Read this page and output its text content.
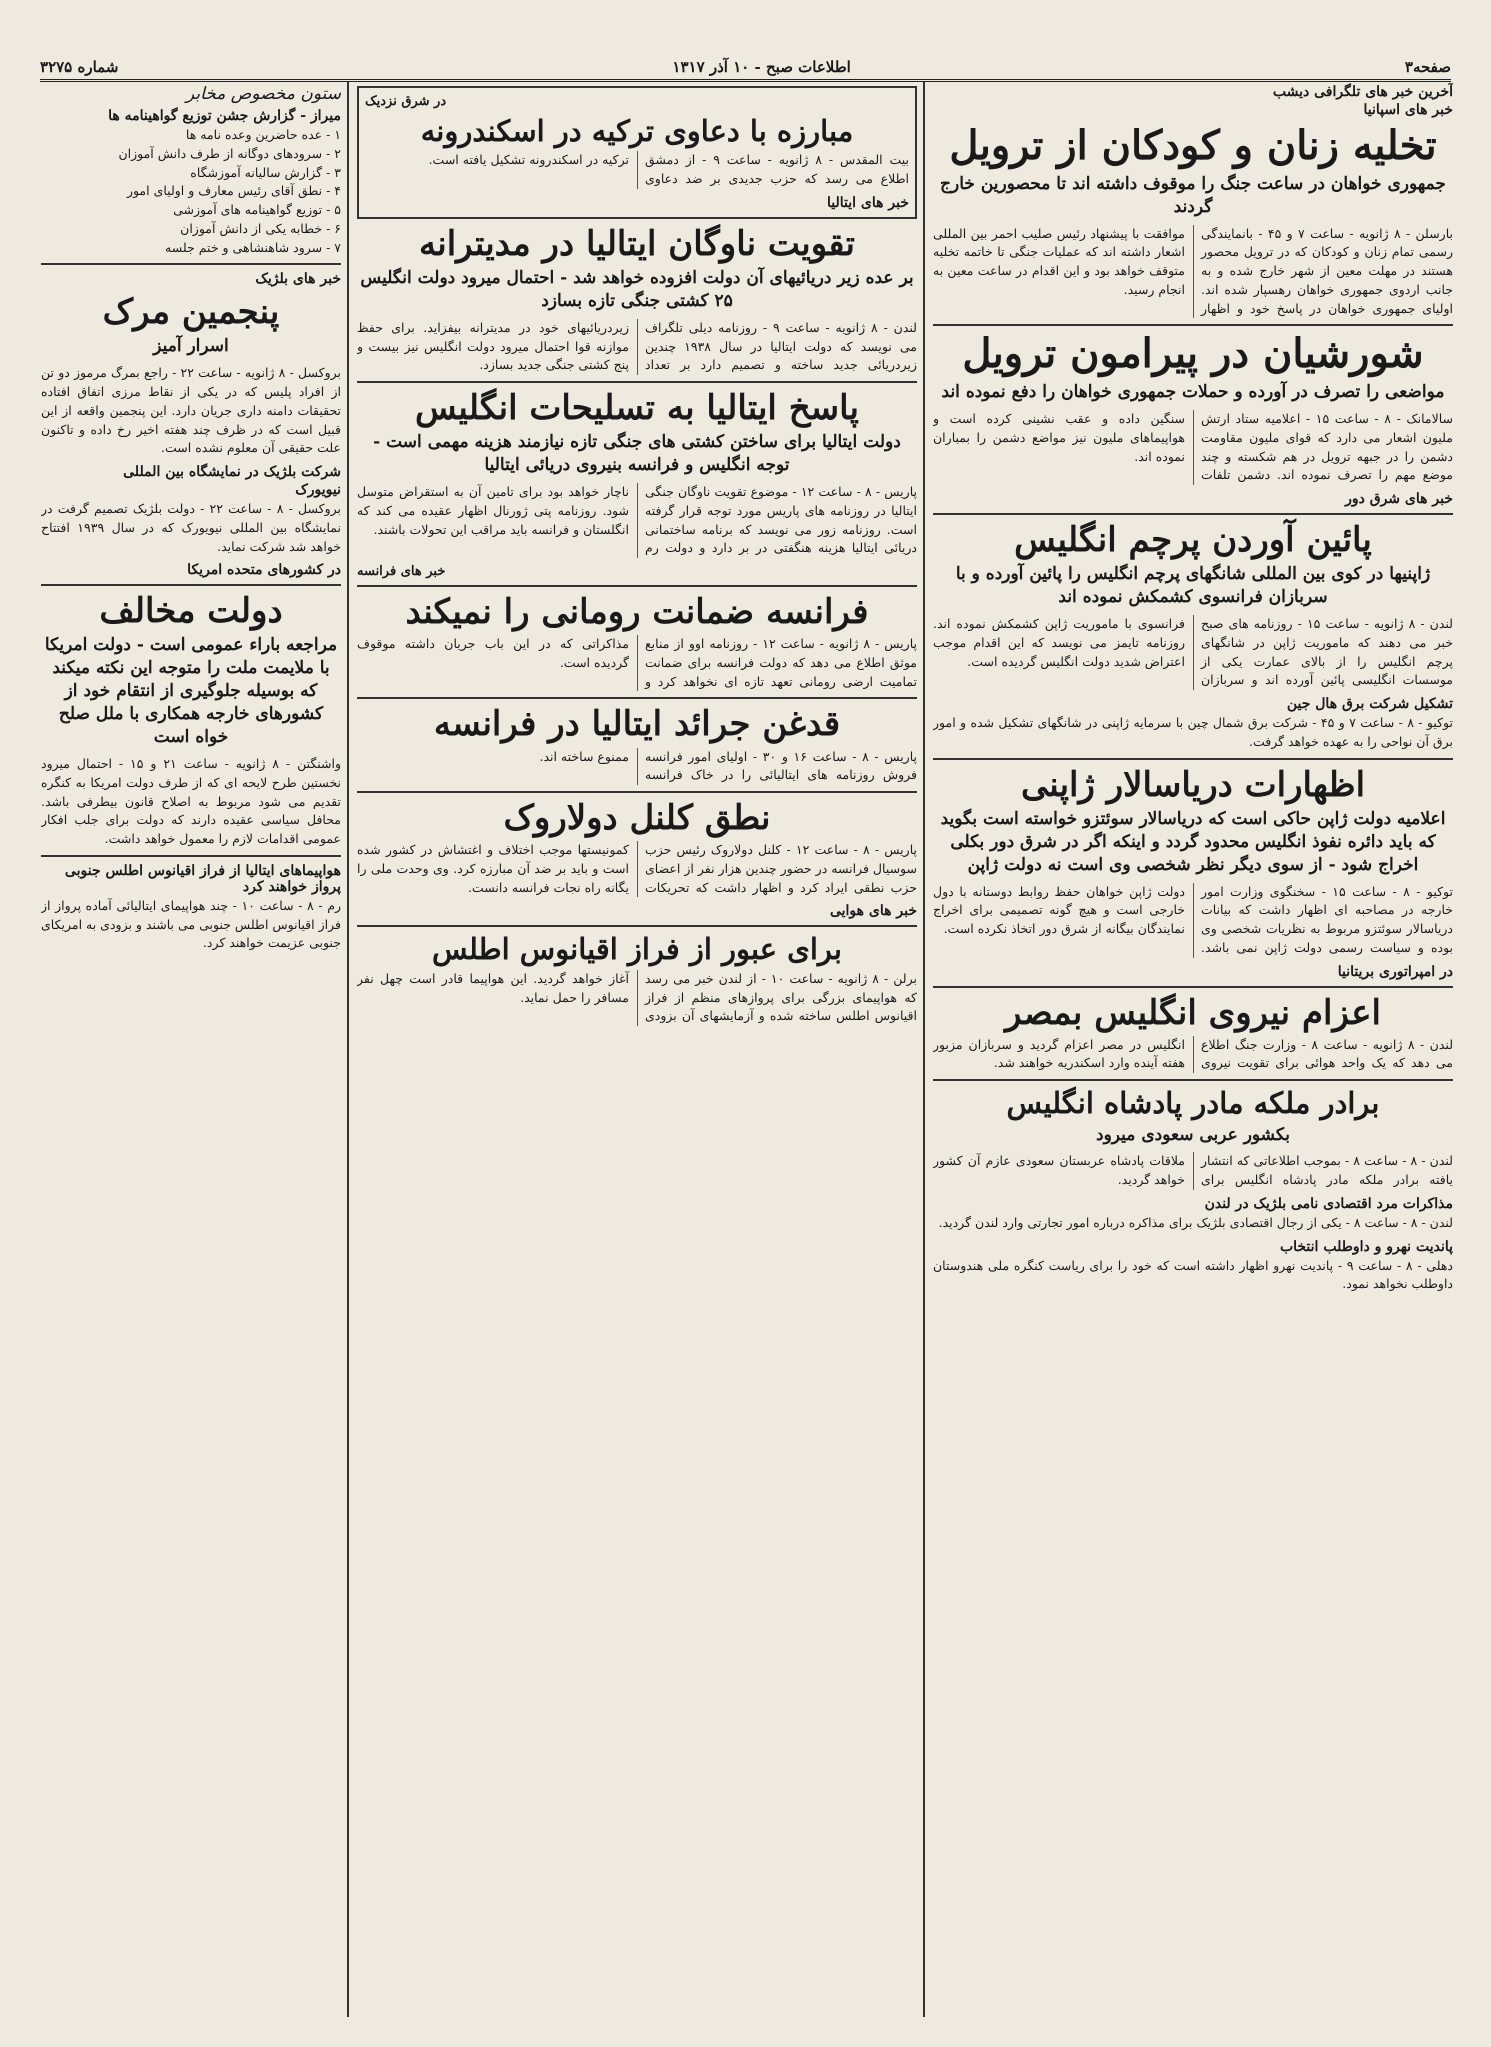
صفحه۳
اطلاعات صبح - ۱۰ آذر ۱۳۱۷
شماره ۳۲۷۵
آخرین خبر های تلگرافی دیشب
خبر های اسپانیا
تخلیه زنان و کودکان از ترویل
جمهوری خواهان در ساعت جنگ را موقوف داشته اند تا محصورین خارج گردند
بارسلن - ۸ ژانویه - ساعت ۷ و ۴۵ - بانمایندگی رسمی تمام زنان و کودکان که در ترویل محصور هستند در مهلت معین از شهر خارج شده و به جانب اردوی جمهوری خواهان رهسپار شده اند. اولیای جمهوری خواهان در پاسخ خود و اظهار موافقت با پیشنهاد رئیس صلیب احمر بین المللی اشعار داشته اند که عملیات جنگی تا خاتمه تخلیه متوقف خواهد بود و این اقدام در ساعت معین به انجام رسید.
شورشیان در پیرامون ترویل
مواضعی را تصرف در آورده و حملات جمهوری خواهان را دفع نموده اند
سالامانک - ۸ - ساعت ۱۵ - اعلامیه ستاد ارتش ملیون اشعار می دارد که قوای ملیون مقاومت دشمن را در جبهه ترویل در هم شکسته و چند موضع مهم را تصرف نموده اند. دشمن تلفات سنگین داده و عقب نشینی کرده است و هواپیماهای ملیون نیز مواضع دشمن را بمباران نموده اند.
خبر های شرق دور
پائین آوردن پرچم انگلیس
ژاپنیها در کوی بین المللی شانگهای پرچم انگلیس را پائین آورده و با سربازان فرانسوی کشمکش نموده اند
لندن - ۸ ژانویه - ساعت ۱۵ - روزنامه های صبح خبر می دهند که ماموریت ژاپن در شانگهای پرچم انگلیس را از بالای عمارت یکی از موسسات انگلیسی پائین آورده اند و سربازان فرانسوی با ماموریت ژاپن کشمکش نموده اند. روزنامه تایمز می نویسد که این اقدام موجب اعتراض شدید دولت انگلیس گردیده است.
تشکیل شرکت برق هال جین
توکیو - ۸ - ساعت ۷ و ۴۵ - شرکت برق شمال چین با سرمایه ژاپنی در شانگهای تشکیل شده و امور برق آن نواحی را به عهده خواهد گرفت.
اظهارات دریاسالار ژاپنی
اعلامیه دولت ژاپن حاکی است که دریاسالار سوئتزو خواسته است بگوید که باید دائره نفوذ انگلیس محدود گردد و اینکه اگر در شرق دور بکلی اخراج شود - از سوی دیگر نظر شخصی وی است نه دولت ژاپن
توکیو - ۸ - ساعت ۱۵ - سخنگوی وزارت امور خارجه در مصاحبه ای اظهار داشت که بیانات دریاسالار سوئتزو مربوط به نظریات شخصی وی بوده و سیاست رسمی دولت ژاپن نمی باشد. دولت ژاپن خواهان حفظ روابط دوستانه با دول خارجی است و هیچ گونه تصمیمی برای اخراج نمایندگان بیگانه از شرق دور اتخاذ نکرده است.
در امپراتوری بریتانیا
اعزام نیروی انگلیس بمصر
لندن - ۸ ژانویه - ساعت ۸ - وزارت جنگ اطلاع می دهد که یک واحد هوائی برای تقویت نیروی انگلیس در مصر اعزام گردید و سربازان مزبور هفته آینده وارد اسکندریه خواهند شد.
برادر ملکه مادر پادشاه انگلیس
بکشور عربی سعودی میرود
لندن - ۸ - ساعت ۸ - بموجب اطلاعاتی که انتشار یافته برادر ملکه مادر پادشاه انگلیس برای ملاقات پادشاه عربستان سعودی عازم آن کشور خواهد گردید.
مذاکرات مرد اقتصادی نامی بلژیک در لندن
لندن - ۸ - ساعت ۸ - یکی از رجال اقتصادی بلژیک برای مذاکره درباره امور تجارتی وارد لندن گردید.
پاندیت نهرو و داوطلب انتخاب
دهلی - ۸ - ساعت ۹ - پاندیت نهرو اظهار داشته است که خود را برای ریاست کنگره ملی هندوستان داوطلب نخواهد نمود.
در شرق نزدیک
مبارزه با دعاوی ترکیه در اسکندرونه
بیت المقدس - ۸ ژانویه - ساعت ۹ - از دمشق اطلاع می رسد که حزب جدیدی بر ضد دعاوی ترکیه در اسکندرونه تشکیل یافته است.
خبر های ایتالیا
تقویت ناوگان ایتالیا در مدیترانه
بر عده زیر دریائیهای آن دولت افزوده خواهد شد - احتمال میرود دولت انگلیس ۲۵ کشتی جنگی تازه بسازد
لندن - ۸ ژانویه - ساعت ۹ - روزنامه دیلی تلگراف می نویسد که دولت ایتالیا در سال ۱۹۳۸ چندین زیردریائی جدید ساخته و تصمیم دارد بر تعداد زیردریائیهای خود در مدیترانه بیفزاید. برای حفظ موازنه قوا احتمال میرود دولت انگلیس نیز بیست و پنج کشتی جنگی جدید بسازد.
پاسخ ایتالیا به تسلیحات انگلیس
دولت ایتالیا برای ساختن کشتی های جنگی تازه نیازمند هزینه مهمی است - توجه انگلیس و فرانسه بنیروی دریائی ایتالیا
پاریس - ۸ - ساعت ۱۲ - موضوع تقویت ناوگان جنگی ایتالیا در روزنامه های پاریس مورد توجه قرار گرفته است. روزنامه زور می نویسد که برنامه ساختمانی دریائی ایتالیا هزینه هنگفتی در بر دارد و دولت رم ناچار خواهد بود برای تامین آن به استقراض متوسل شود. روزنامه پتی ژورنال اظهار عقیده می کند که انگلستان و فرانسه باید مراقب این تحولات باشند.
خبر های فرانسه
فرانسه ضمانت رومانی را نمیکند
پاریس - ۸ ژانویه - ساعت ۱۲ - روزنامه اوو از منابع موثق اطلاع می دهد که دولت فرانسه برای ضمانت تمامیت ارضی رومانی تعهد تازه ای نخواهد کرد و مذاکراتی که در این باب جریان داشته موقوف گردیده است.
قدغن جرائد ایتالیا در فرانسه
پاریس - ۸ - ساعت ۱۶ و ۳۰ - اولیای امور فرانسه فروش روزنامه های ایتالیائی را در خاک فرانسه ممنوع ساخته اند.
نطق کلنل دولاروک
پاریس - ۸ - ساعت ۱۲ - کلنل دولاروک رئیس حزب سوسیال فرانسه در حضور چندین هزار نفر از اعضای حزب نطقی ایراد کرد و اظهار داشت که تحریکات کمونیستها موجب اختلاف و اغتشاش در کشور شده است و باید بر ضد آن مبارزه کرد. وی وحدت ملی را یگانه راه نجات فرانسه دانست.
خبر های هوایی
برای عبور از فراز اقیانوس اطلس
برلن - ۸ ژانویه - ساعت ۱۰ - از لندن خبر می رسد که هواپیمای بزرگی برای پروازهای منظم از فراز اقیانوس اطلس ساخته شده و آزمایشهای آن بزودی آغاز خواهد گردید. این هواپیما قادر است چهل نفر مسافر را حمل نماید.
ستون مخصوص مخابر
میراز - گزارش جشن توزیع گواهینامه ها
۱ - عده حاضرین وعده نامه ها
۲ - سرودهای دوگانه از طرف دانش آموزان
۳ - گزارش سالیانه آموزشگاه
۴ - نطق آقای رئیس معارف و اولیای امور
۵ - توزیع گواهینامه های آموزشی
۶ - خطابه یکی از دانش آموزان
۷ - سرود شاهنشاهی و ختم جلسه
خبر های بلژیک
پنجمین مرک
اسرار آمیز
بروکسل - ۸ ژانویه - ساعت ۲۲ - راجع بمرگ مرموز دو تن از افراد پلیس که در یکی از نقاط مرزی اتفاق افتاده تحقیقات دامنه داری جریان دارد. این پنجمین واقعه از این قبیل است که در ظرف چند هفته اخیر رخ داده و تاکنون علت حقیقی آن معلوم نشده است.
شرکت بلژیک در نمایشگاه بین المللی
نیویورک
بروکسل - ۸ - ساعت ۲۲ - دولت بلژیک تصمیم گرفت در نمایشگاه بین المللی نیویورک که در سال ۱۹۳۹ افتتاح خواهد شد شرکت نماید.
در کشورهای متحده امریکا
دولت مخالف
مراجعه باراء عمومی است - دولت امریکا با ملایمت ملت را متوجه این نکته میکند که بوسیله جلوگیری از انتقام خود از کشورهای خارجه همکاری با ملل صلح خواه است
واشنگتن - ۸ ژانویه - ساعت ۲۱ و ۱۵ - احتمال میرود نخستین طرح لایحه ای که از طرف دولت امریکا به کنگره تقدیم می شود مربوط به اصلاح قانون بیطرفی باشد. محافل سیاسی عقیده دارند که دولت برای جلب افکار عمومی اقدامات لازم را معمول خواهد داشت.
هواپیماهای ایتالیا از فراز اقیانوس اطلس جنوبی پرواز خواهند کرد
رم - ۸ - ساعت ۱۰ - چند هواپیمای ایتالیائی آماده پرواز از فراز اقیانوس اطلس جنوبی می باشند و بزودی به امریکای جنوبی عزیمت خواهند کرد.
